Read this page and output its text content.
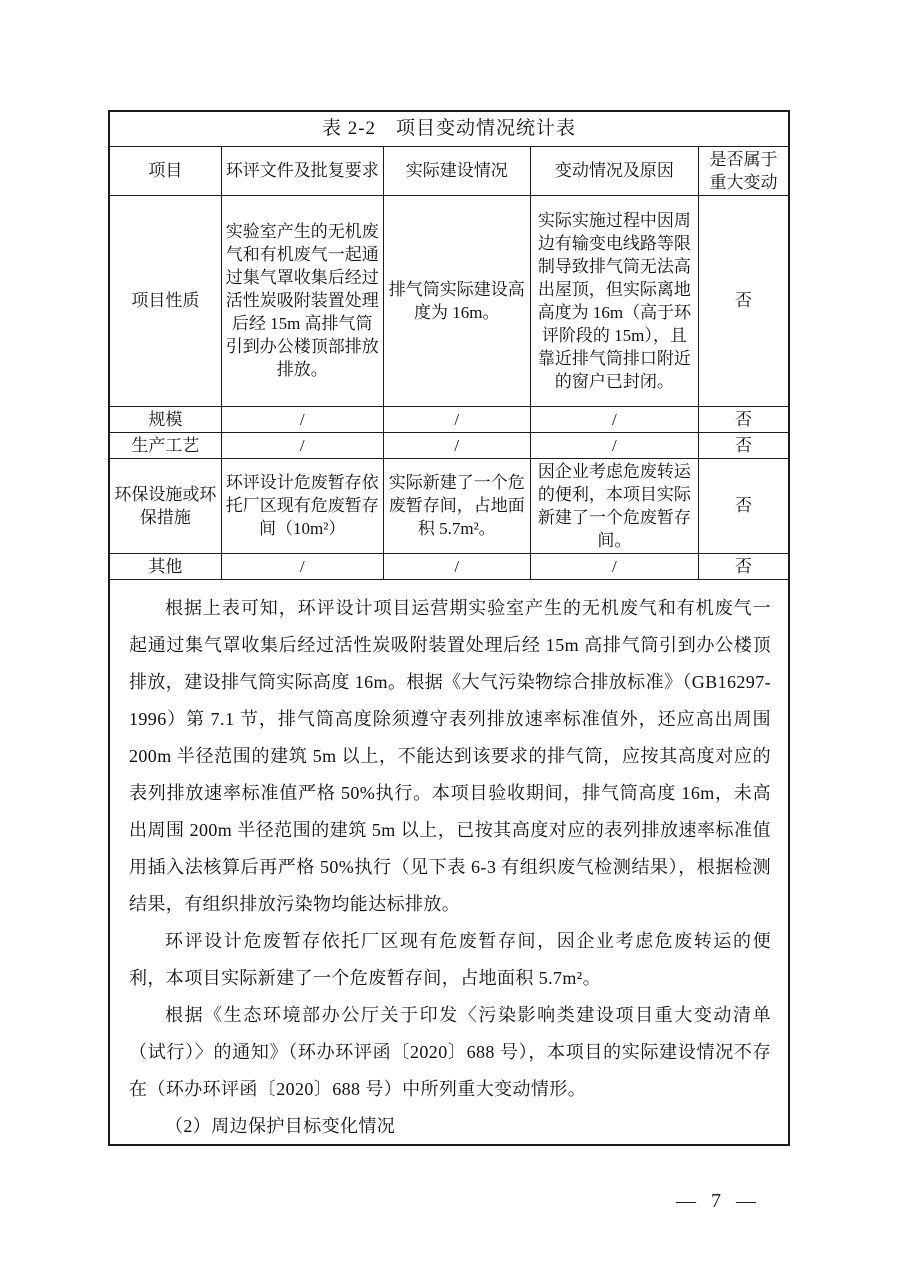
表 2-2　项目变动情况统计表				
项目	环评文件及批复要求	实际建设情况	变动情况及原因	是否属于重大变动
项目性质	实验室产生的无机废气和有机废气一起通过集气罩收集后经过活性炭吸附装置处理后经 15m 高排气筒引到办公楼顶部排放排放。	排气筒实际建设高度为 16m。	实际实施过程中因周边有输变电线路等限制导致排气筒无法高出屋顶，但实际离地高度为 16m（高于环评阶段的 15m），且靠近排气筒排口附近的窗户已封闭。	否
规模	/	/	/	否
生产工艺	/	/	/	否
环保设施或环保措施	环评设计危废暂存依托厂区现有危废暂存间（10m²）	实际新建了一个危废暂存间，占地面积 5.7m²。	因企业考虑危废转运的便利，本项目实际新建了一个危废暂存间。	否
其他	/	/	/	否

根据上表可知，环评设计项目运营期实验室产生的无机废气和有机废气一起通过集气罩收集后经过活性炭吸附装置处理后经 15m 高排气筒引到办公楼顶排放，建设排气筒实际高度 16m。根据《大气污染物综合排放标准》（GB16297-1996）第 7.1 节，排气筒高度除须遵守表列排放速率标准值外，还应高出周围 200m 半径范围的建筑 5m 以上，不能达到该要求的排气筒，应按其高度对应的表列排放速率标准值严格 50%执行。本项目验收期间，排气筒高度 16m，未高出周围 200m 半径范围的建筑 5m 以上，已按其高度对应的表列排放速率标准值用插入法核算后再严格 50%执行（见下表 6-3 有组织废气检测结果），根据检测结果，有组织排放污染物均能达标排放。

环评设计危废暂存依托厂区现有危废暂存间，因企业考虑危废转运的便利，本项目实际新建了一个危废暂存间，占地面积 5.7m²。

根据《生态环境部办公厅关于印发〈污染影响类建设项目重大变动清单（试行）〉的通知》（环办环评函〔2020〕688 号），本项目的实际建设情况不存在（环办环评函〔2020〕688 号）中所列重大变动情形。

（2）周边保护目标变化情况

— 7 —
